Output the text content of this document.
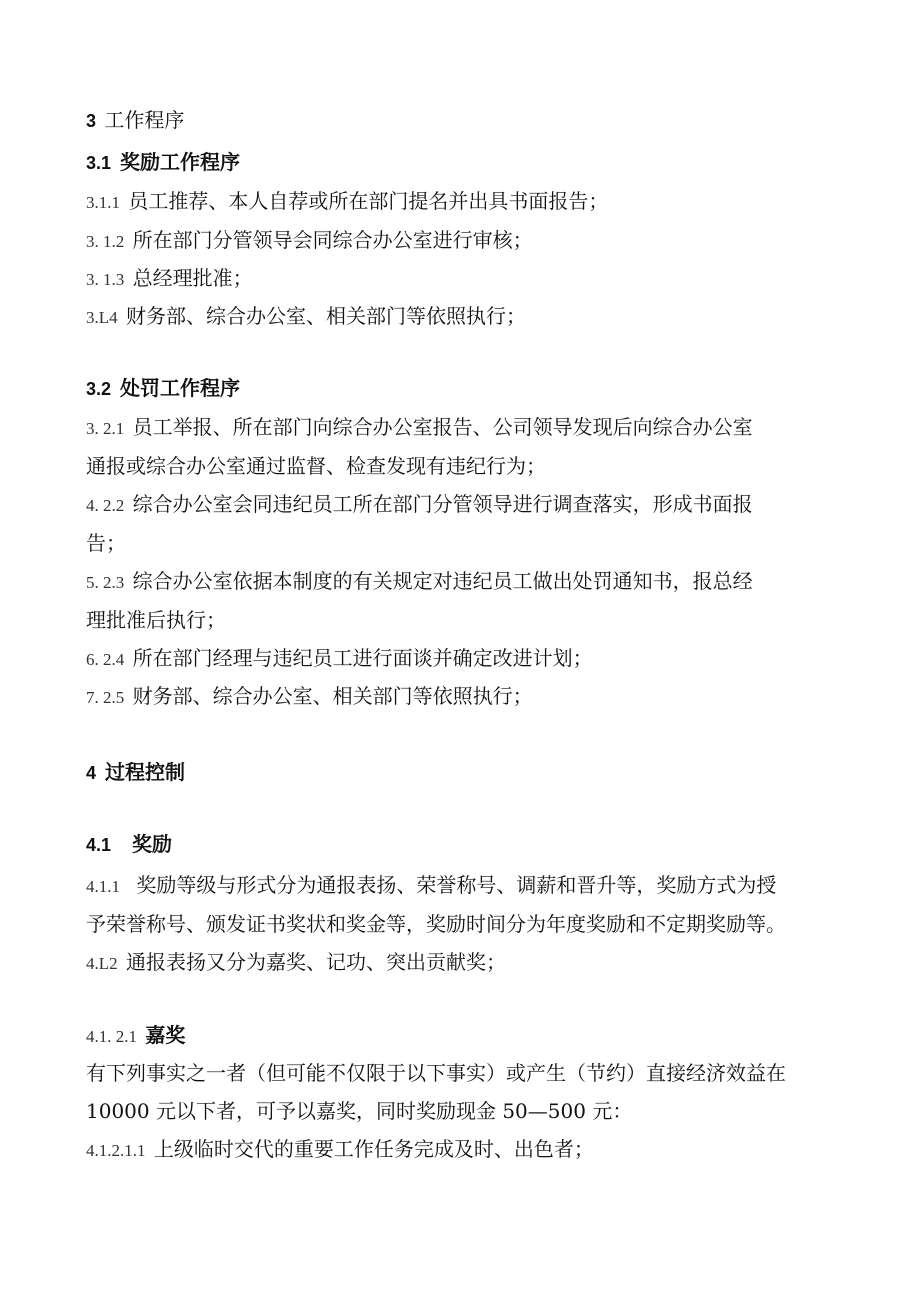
3 工作程序
3.1 奖励工作程序
3.1.1 员工推荐、本人自荐或所在部门提名并出具书面报告；
3. 1.2 所在部门分管领导会同综合办公室进行审核；
3. 1.3 总经理批准；
3.L4 财务部、综合办公室、相关部门等依照执行；
3.2 处罚工作程序
3. 2.1 员工举报、所在部门向综合办公室报告、公司领导发现后向综合办公室
通报或综合办公室通过监督、检查发现有违纪行为；
4. 2.2 综合办公室会同违纪员工所在部门分管领导进行调查落实，形成书面报
告；
5. 2.3 综合办公室依据本制度的有关规定对违纪员工做出处罚通知书，报总经
理批准后执行；
6. 2.4 所在部门经理与违纪员工进行面谈并确定改进计划；
7. 2.5 财务部、综合办公室、相关部门等依照执行；
4 过程控制
4.1 奖励
4.1.1 奖励等级与形式分为通报表扬、荣誉称号、调薪和晋升等，奖励方式为授
予荣誉称号、颁发证书奖状和奖金等，奖励时间分为年度奖励和不定期奖励等。
4.L2 通报表扬又分为嘉奖、记功、突出贡献奖；
4.1. 2.1 嘉奖
有下列事实之一者（但可能不仅限于以下事实）或产生（节约）直接经济效益在
10000 元以下者，可予以嘉奖，同时奖励现金 50—500 元：
4.1.2.1.1 上级临时交代的重要工作任务完成及时、出色者；
